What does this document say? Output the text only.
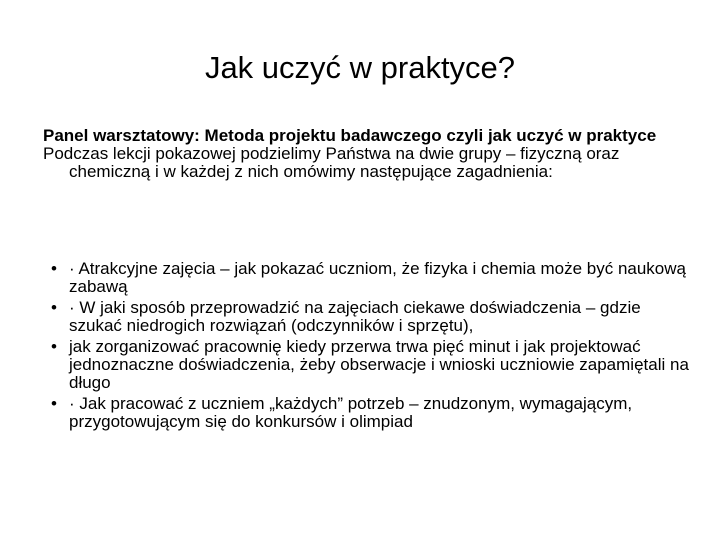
Jak uczyć w praktyce?

Panel warsztatowy: Metoda projektu badawczego czyli jak uczyć w praktyce

Podczas lekcji pokazowej podzielimy Państwa na dwie grupy – fizyczną oraz chemiczną i w każdej z nich omówimy następujące zagadnienia:

• · Atrakcyjne zajęcia – jak pokazać uczniom, że fizyka i chemia może być naukową zabawą
• · W jaki sposób przeprowadzić na zajęciach ciekawe doświadczenia – gdzie szukać niedrogich rozwiązań (odczynników i sprzętu),
• jak zorganizować pracownię kiedy przerwa trwa pięć minut i jak projektować jednoznaczne doświadczenia, żeby obserwacje i wnioski uczniowie zapamiętali na długo
• · Jak pracować z uczniem „każdych” potrzeb – znudzonym, wymagającym, przygotowującym się do konkursów i olimpiad
